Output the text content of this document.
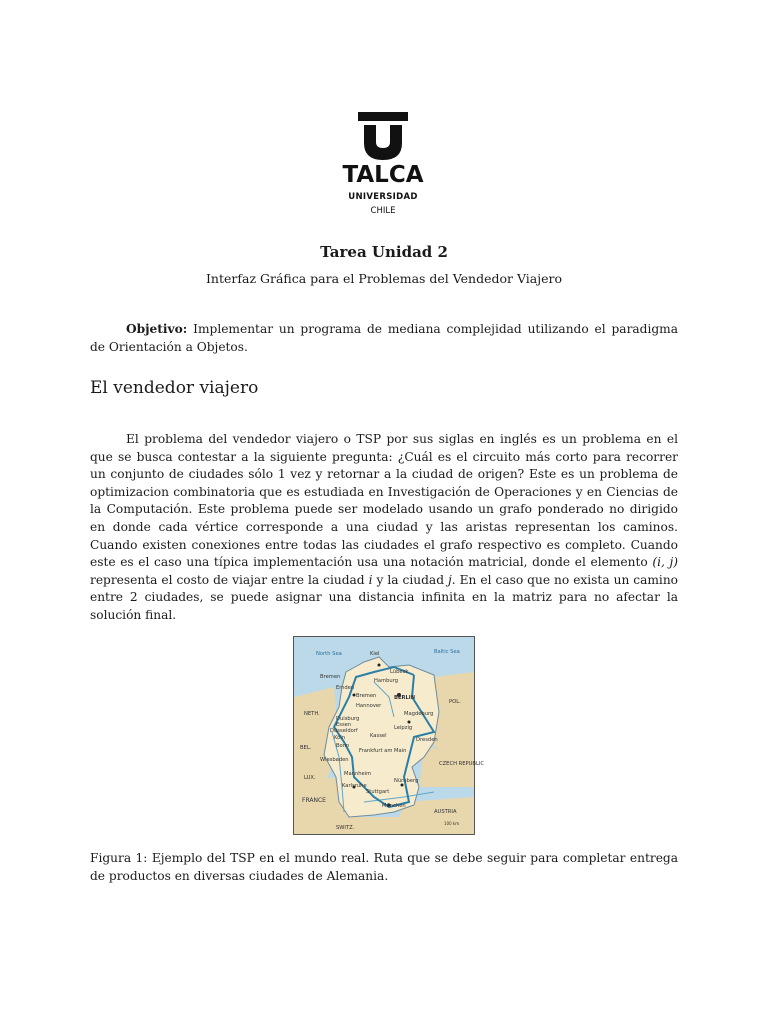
TALCA
UNIVERSIDAD
CHILE
Tarea Unidad 2
Interfaz Gráfica para el Problemas del Vendedor Viajero
Objetivo: Implementar un programa de mediana complejidad utilizando el paradigma de Orientación a Objetos.
El vendedor viajero
El problema del vendedor viajero o TSP por sus siglas en inglés es un problema en el que se busca contestar a la siguiente pregunta: ¿Cuál es el circuito más corto para recorrer un conjunto de ciudades sólo 1 vez y retornar a la ciudad de origen? Este es un problema de optimizacion combinatoria que es estudiada en Investigación de Operaciones y en Ciencias de la Computación. Este problema puede ser modelado usando un grafo ponderado no dirigido en donde cada vértice corresponde a una ciudad y las aristas representan los caminos. Cuando existen conexiones entre todas las ciudades el grafo respectivo es completo. Cuando este es el caso una típica implementación usa una notación matricial, donde el elemento (i, j) representa el costo de viajar entre la ciudad i y la ciudad j. En el caso que no exista un camino entre 2 ciudades, se puede asignar una distancia infinita en la matriz para no afectar la solución final.
North Sea	Baltic Sea
Kiel
Lübeck
Hamburg
Bremen
Emden
Bremen	BERLIN
POL.
Hannover
Magdeburg
NETH.
Leipzig
Duisburg
Essen
Düsseldorf
Kassel
Dresden
Köln
Bonn
BEL.	Frankfurt am Main
Wiesbaden
CZECH REPUBLIC
LUX.
Mannheim
Nürnberg
Karlsruhe
Stuttgart
FRANCE
München
AUSTRIA
SWITZ.
100 km
Figura 1: Ejemplo del TSP en el mundo real. Ruta que se debe seguir para completar entrega de productos en diversas ciudades de Alemania.
